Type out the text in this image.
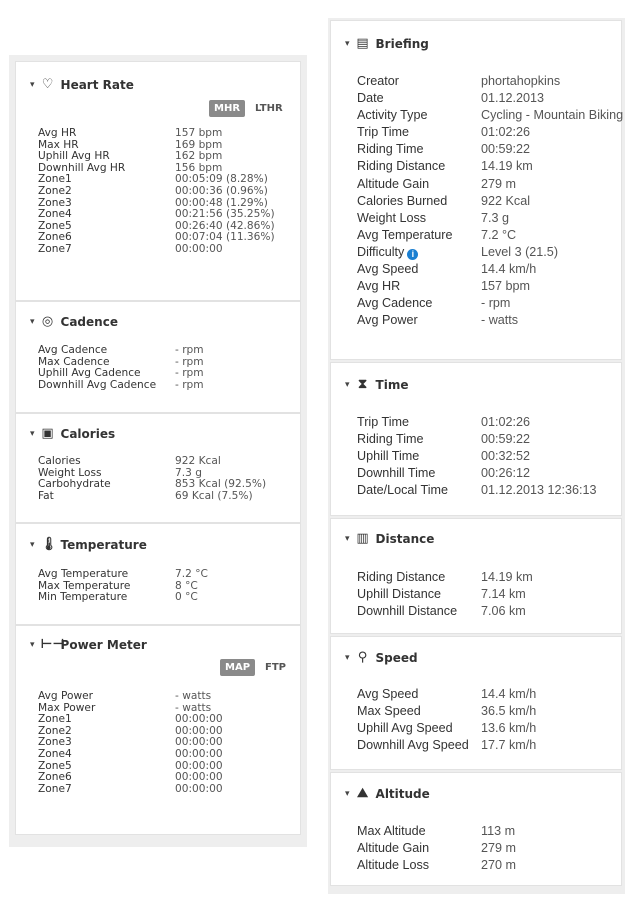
▾ ♡ Heart Rate
MHR	LTHR
Avg HR	157 bpm
Max HR	169 bpm
Uphill Avg HR	162 bpm
Downhill Avg HR	156 bpm
Zone1	00:05:09 (8.28%)
Zone2	00:00:36 (0.96%)
Zone3	00:00:48 (1.29%)
Zone4	00:21:56 (35.25%)
Zone5	00:26:40 (42.86%)
Zone6	00:07:04 (11.36%)
Zone7	00:00:00
▾ ◎ Cadence
Avg Cadence	- rpm
Max Cadence	- rpm
Uphill Avg Cadence	- rpm
Downhill Avg Cadence	- rpm
▾ ▣ Calories
Calories	922 Kcal
Weight Loss	7.3 g
Carbohydrate	853 Kcal (92.5%)
Fat	69 Kcal (7.5%)
▾ 🌡 Temperature
Avg Temperature	7.2 °C
Max Temperature	8 °C
Min Temperature	0 °C
▾ ⊢⊣
Power Meter
MAP	FTP
Avg Power	- watts
Max Power	- watts
Zone1	00:00:00
Zone2	00:00:00
Zone3	00:00:00
Zone4	00:00:00
Zone5	00:00:00
Zone6	00:00:00
Zone7	00:00:00
▾ ▤ Briefing
Creator	phortahopkins
Date	01.12.2013
Activity Type	Cycling - Mountain Biking
Trip Time	01:02:26
Riding Time	00:59:22
Riding Distance	14.19 km
Altitude Gain	279 m
Calories Burned	922 Kcal
Weight Loss	7.3 g
Avg Temperature	7.2 °C
Difficulty i	Level 3 (21.5)
Avg Speed	14.4 km/h
Avg HR	157 bpm
Avg Cadence	- rpm
Avg Power	- watts
▾ ⧗ Time
Trip Time	01:02:26
Riding Time	00:59:22
Uphill Time	00:32:52
Downhill Time	00:26:12
Date/Local Time	01.12.2013 12:36:13
▾ ▥ Distance
Riding Distance	14.19 km
Uphill Distance	7.14 km
Downhill Distance	7.06 km
▾ ⚲ Speed
Avg Speed	14.4 km/h
Max Speed	36.5 km/h
Uphill Avg Speed	13.6 km/h
Downhill Avg Speed 17.7 km/h
▾ ⛰ Altitude
Max Altitude	113 m
Altitude Gain	279 m
Altitude Loss	270 m
